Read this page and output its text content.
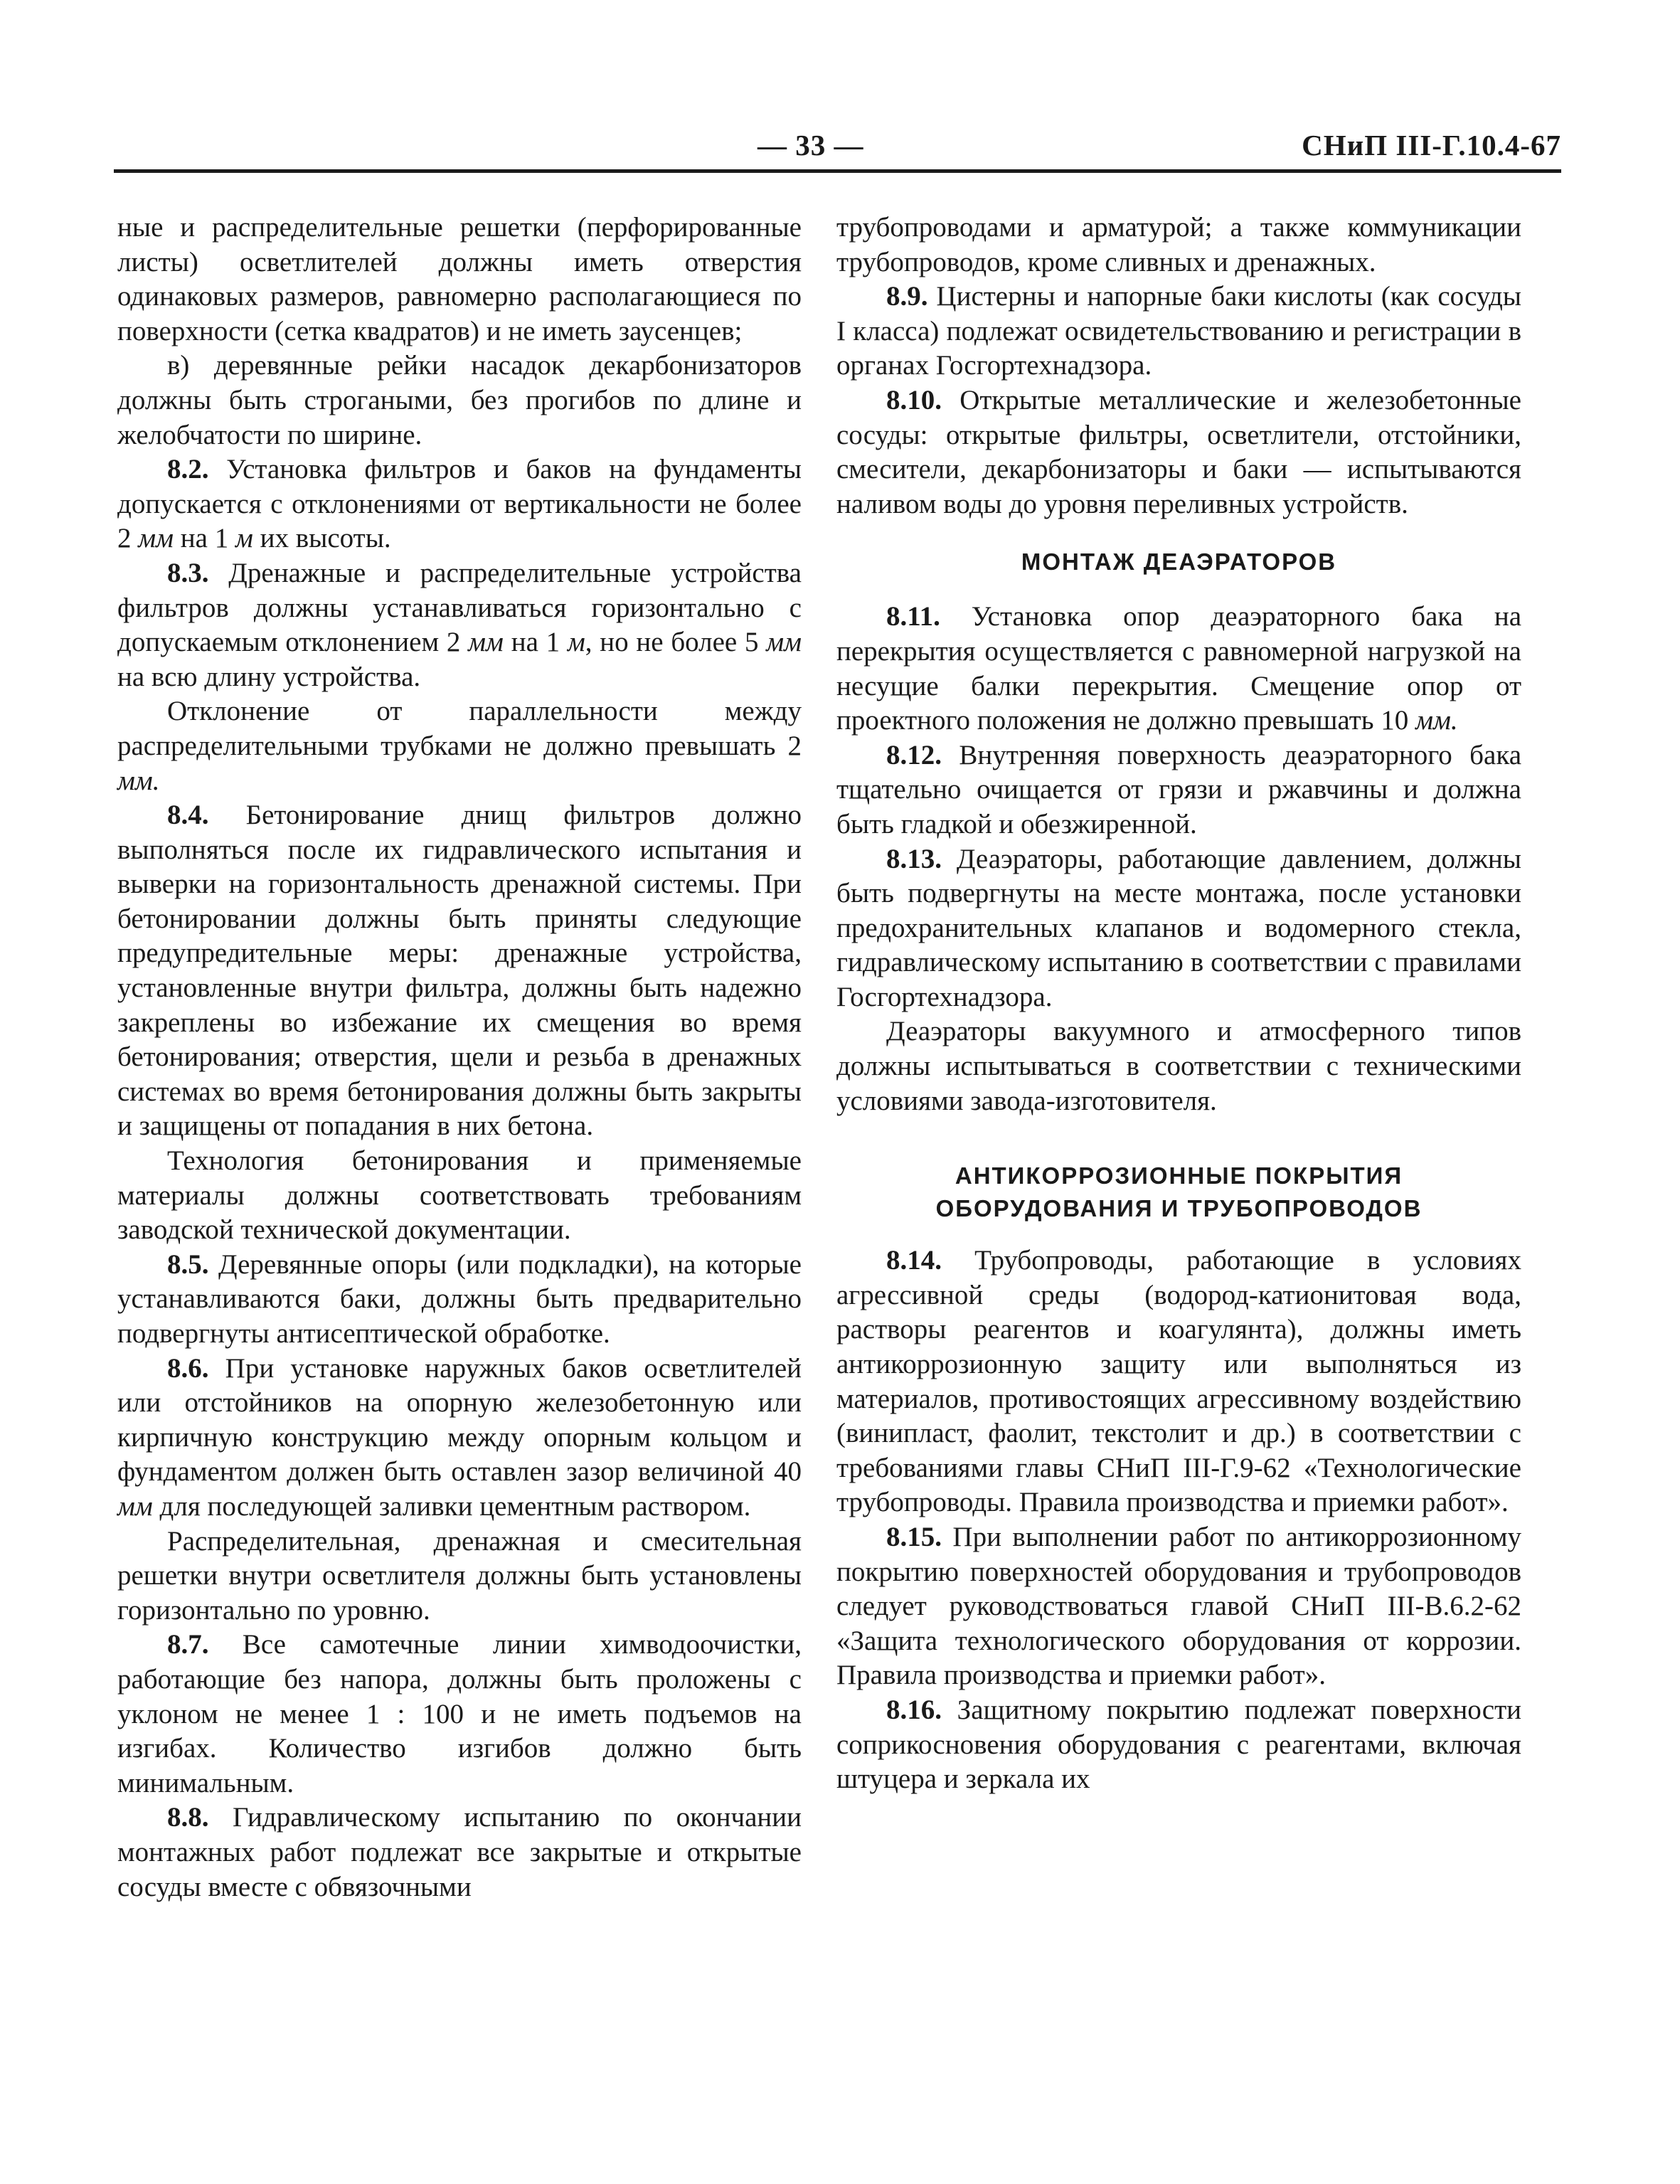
— 33 —	СНиП III-Г.10.4-67

ные и распределительные решетки (перфорированные листы) осветлителей должны иметь отверстия одинаковых размеров, равномерно располагающиеся по поверхности (сетка квадратов) и не иметь заусенцев;

в) деревянные рейки насадок декарбонизаторов должны быть строгаными, без прогибов по длине и желобчатости по ширине.

8.2. Установка фильтров и баков на фундаменты допускается с отклонениями от вертикальности не более 2 мм на 1 м их высоты.

8.3. Дренажные и распределительные устройства фильтров должны устанавливаться горизонтально с допускаемым отклонением 2 мм на 1 м, но не более 5 мм на всю длину устройства.

Отклонение от параллельности между распределительными трубками не должно превышать 2 мм.

8.4. Бетонирование днищ фильтров должно выполняться после их гидравлического испытания и выверки на горизонтальность дренажной системы. При бетонировании должны быть приняты следующие предупредительные меры: дренажные устройства, установленные внутри фильтра, должны быть надежно закреплены во избежание их смещения во время бетонирования; отверстия, щели и резьба в дренажных системах во время бетонирования должны быть закрыты и защищены от попадания в них бетона.

Технология бетонирования и применяемые материалы должны соответствовать требованиям заводской технической документации.

8.5. Деревянные опоры (или подкладки), на которые устанавливаются баки, должны быть предварительно подвергнуты антисептической обработке.

8.6. При установке наружных баков осветлителей или отстойников на опорную железобетонную или кирпичную конструкцию между опорным кольцом и фундаментом должен быть оставлен зазор величиной 40 мм для последующей заливки цементным раствором.

Распределительная, дренажная и смесительная решетки внутри осветлителя должны быть установлены горизонтально по уровню.

8.7. Все самотечные линии химводоочистки, работающие без напора, должны быть проложены с уклоном не менее 1 : 100 и не иметь подъемов на изгибах. Количество изгибов должно быть минимальным.

8.8. Гидравлическому испытанию по окончании монтажных работ подлежат все закрытые и открытые сосуды вместе с обвязочными

трубопроводами и арматурой; а также коммуникации трубопроводов, кроме сливных и дренажных.

8.9. Цистерны и напорные баки кислоты (как сосуды I класса) подлежат освидетельствованию и регистрации в органах Госгортехнадзора.

8.10. Открытые металлические и железобетонные сосуды: открытые фильтры, осветлители, отстойники, смесители, декарбонизаторы и баки — испытываются наливом воды до уровня переливных устройств.

МОНТАЖ ДЕАЭРАТОРОВ

8.11. Установка опор деаэраторного бака на перекрытия осуществляется с равномерной нагрузкой на несущие балки перекрытия. Смещение опор от проектного положения не должно превышать 10 мм.

8.12. Внутренняя поверхность деаэраторного бака тщательно очищается от грязи и ржавчины и должна быть гладкой и обезжиренной.

8.13. Деаэраторы, работающие давлением, должны быть подвергнуты на месте монтажа, после установки предохранительных клапанов и водомерного стекла, гидравлическому испытанию в соответствии с правилами Госгортехнадзора.

Деаэраторы вакуумного и атмосферного типов должны испытываться в соответствии с техническими условиями завода-изготовителя.

АНТИКОРРОЗИОННЫЕ ПОКРЫТИЯ
ОБОРУДОВАНИЯ И ТРУБОПРОВОДОВ

8.14. Трубопроводы, работающие в условиях агрессивной среды (водород-катионитовая вода, растворы реагентов и коагулянта), должны иметь антикоррозионную защиту или выполняться из материалов, противостоящих агрессивному воздействию (винипласт, фаолит, текстолит и др.) в соответствии с требованиями главы СНиП III-Г.9-62 «Технологические трубопроводы. Правила производства и приемки работ».

8.15. При выполнении работ по антикоррозионному покрытию поверхностей оборудования и трубопроводов следует руководствоваться главой СНиП III-В.6.2-62 «Защита технологического оборудования от коррозии. Правила производства и приемки работ».

8.16. Защитному покрытию подлежат поверхности соприкосновения оборудования с реагентами, включая штуцера и зеркала их
